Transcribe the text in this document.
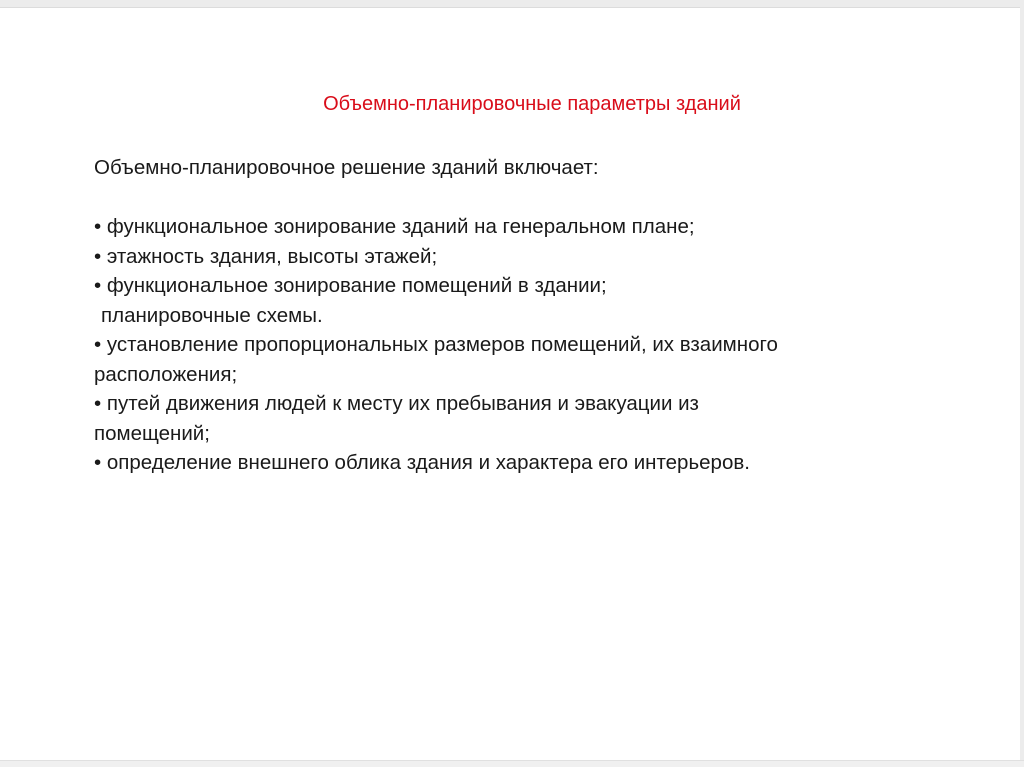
Объемно-планировочные параметры зданий

Объемно-планировочное решение зданий включает:

• функциональное зонирование зданий на генеральном плане;

• этажность здания, высоты этажей;

• функциональное зонирование помещений в здании;

планировочные схемы.

• установление пропорциональных размеров помещений, их взаимного

расположения;

• путей движения людей к месту их пребывания и эвакуации из

помещений;

• определение внешнего облика здания и характера его интерьеров.
